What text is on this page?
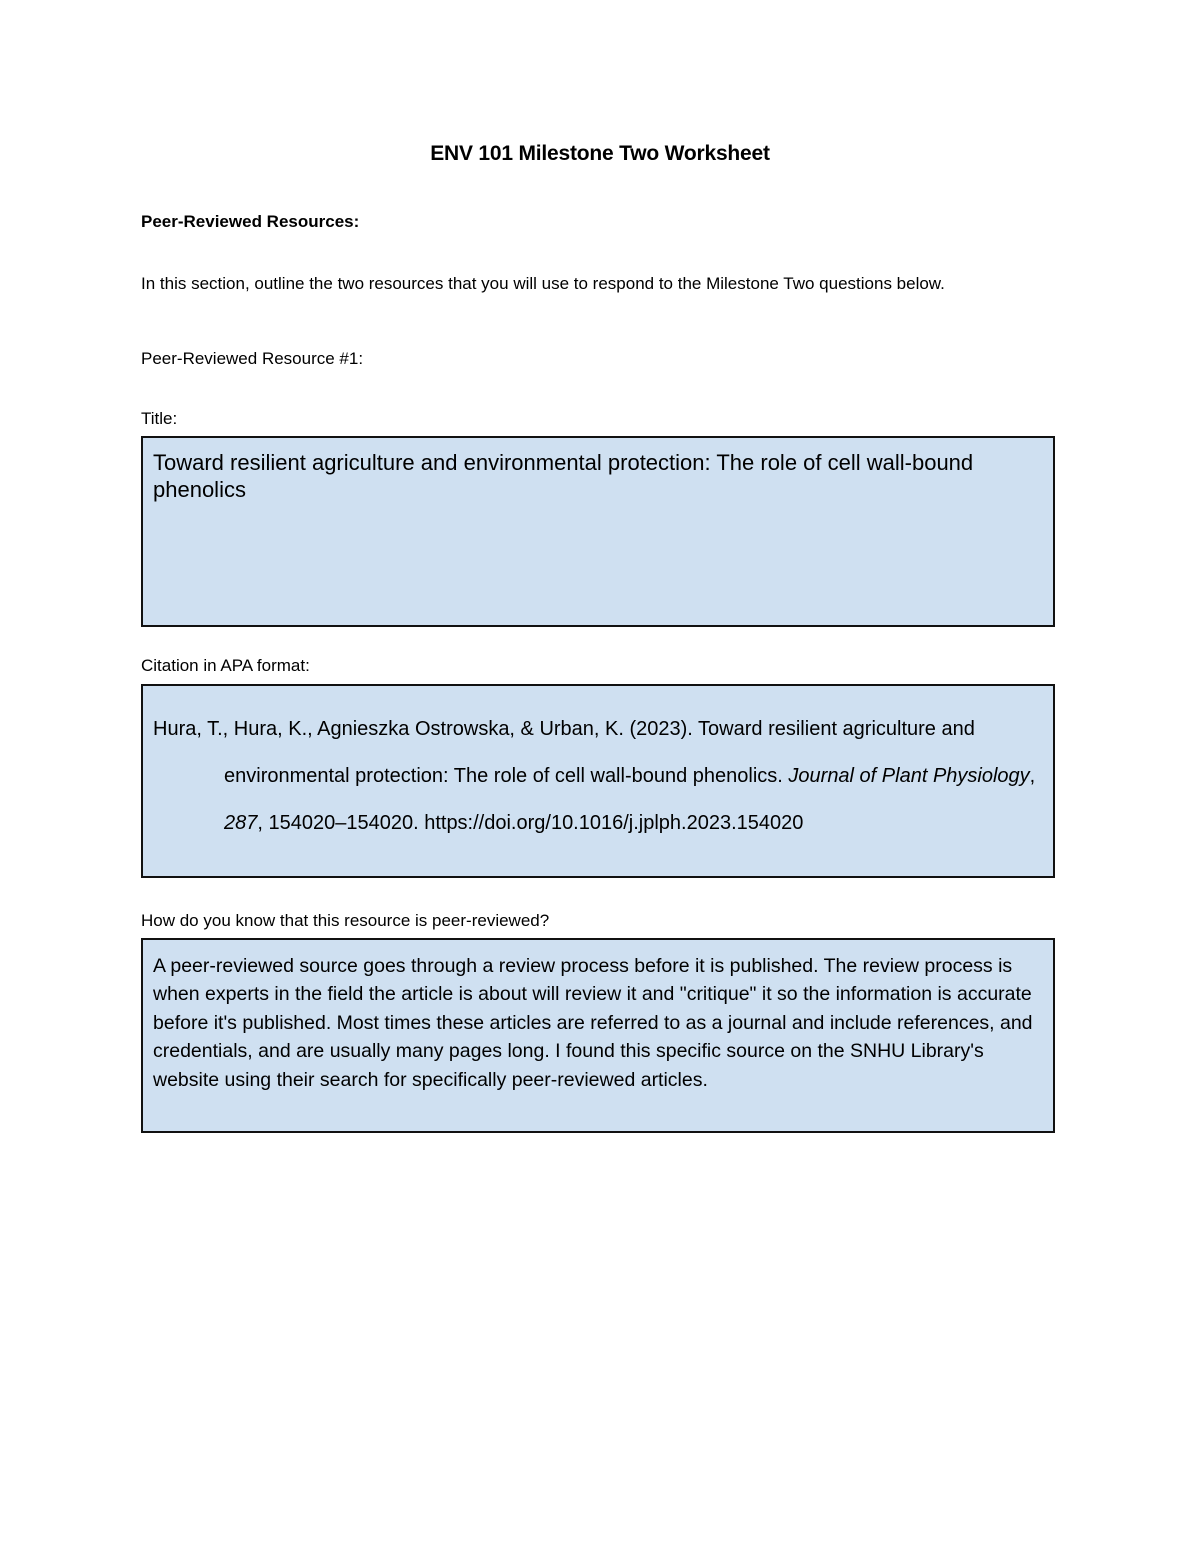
ENV 101 Milestone Two Worksheet
Peer-Reviewed Resources:
In this section, outline the two resources that you will use to respond to the Milestone Two questions below.
Peer-Reviewed Resource #1:
Title:
Toward resilient agriculture and environmental protection: The role of cell wall-bound phenolics
Citation in APA format:
Hura, T., Hura, K., Agnieszka Ostrowska, & Urban, K. (2023). Toward resilient agriculture and environmental protection: The role of cell wall-bound phenolics. Journal of Plant Physiology, 287, 154020–154020. https://doi.org/10.1016/j.jplph.2023.154020
How do you know that this resource is peer-reviewed?
A peer-reviewed source goes through a review process before it is published. The review process is when experts in the field the article is about will review it and "critique" it so the information is accurate before it's published. Most times these articles are referred to as a journal and include references, and credentials, and are usually many pages long. I found this specific source on the SNHU Library's website using their search for specifically peer-reviewed articles.
